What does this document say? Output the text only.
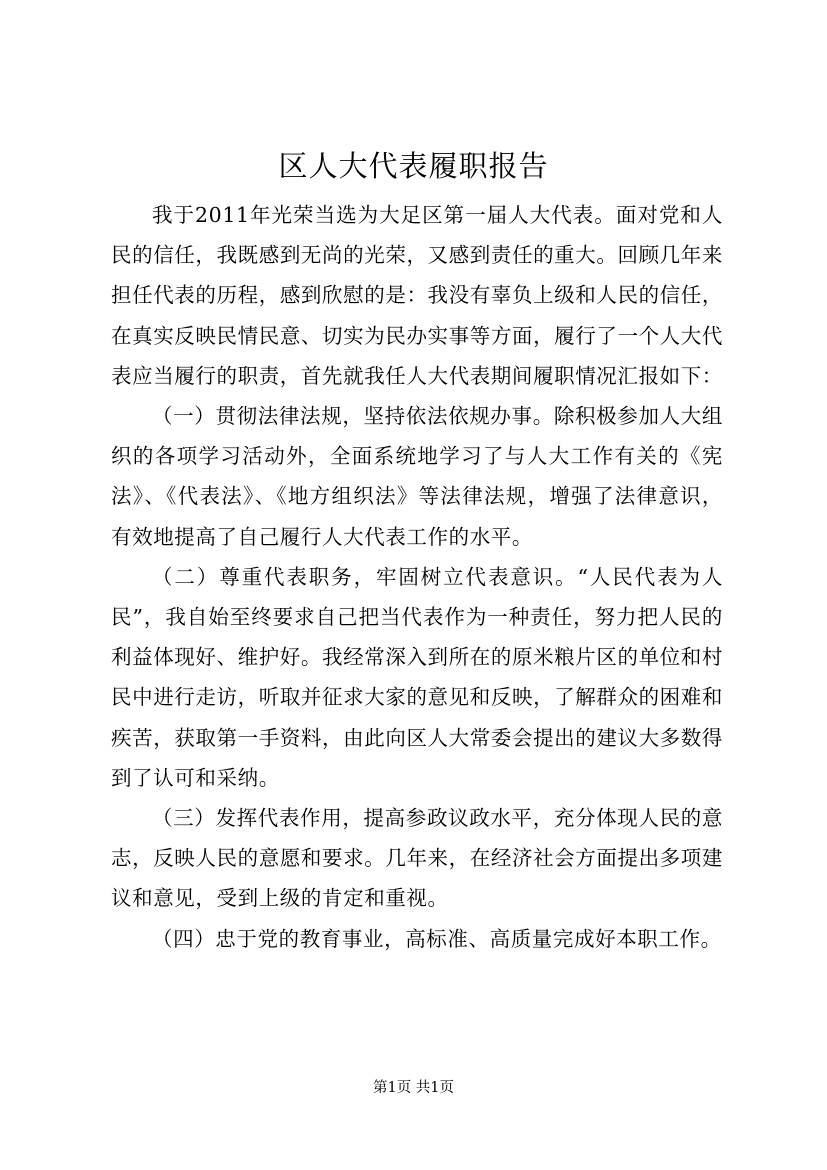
区人大代表履职报告

我于2011年光荣当选为大足区第一届人大代表。面对党和人民的信任，我既感到无尚的光荣，又感到责任的重大。回顾几年来担任代表的历程，感到欣慰的是：我没有辜负上级和人民的信任，在真实反映民情民意、切实为民办实事等方面，履行了一个人大代表应当履行的职责，首先就我任人大代表期间履职情况汇报如下：

（一）贯彻法律法规，坚持依法依规办事。除积极参加人大组织的各项学习活动外，全面系统地学习了与人大工作有关的《宪法》、《代表法》、《地方组织法》等法律法规，增强了法律意识，有效地提高了自己履行人大代表工作的水平。

（二）尊重代表职务，牢固树立代表意识。“人民代表为人民”，我自始至终要求自己把当代表作为一种责任，努力把人民的利益体现好、维护好。我经常深入到所在的原米粮片区的单位和村民中进行走访，听取并征求大家的意见和反映，了解群众的困难和疾苦，获取第一手资料，由此向区人大常委会提出的建议大多数得到了认可和采纳。

（三）发挥代表作用，提高参政议政水平，充分体现人民的意志，反映人民的意愿和要求。几年来，在经济社会方面提出多项建议和意见，受到上级的肯定和重视。

（四）忠于党的教育事业，高标准、高质量完成好本职工作。

第1页 共1页
